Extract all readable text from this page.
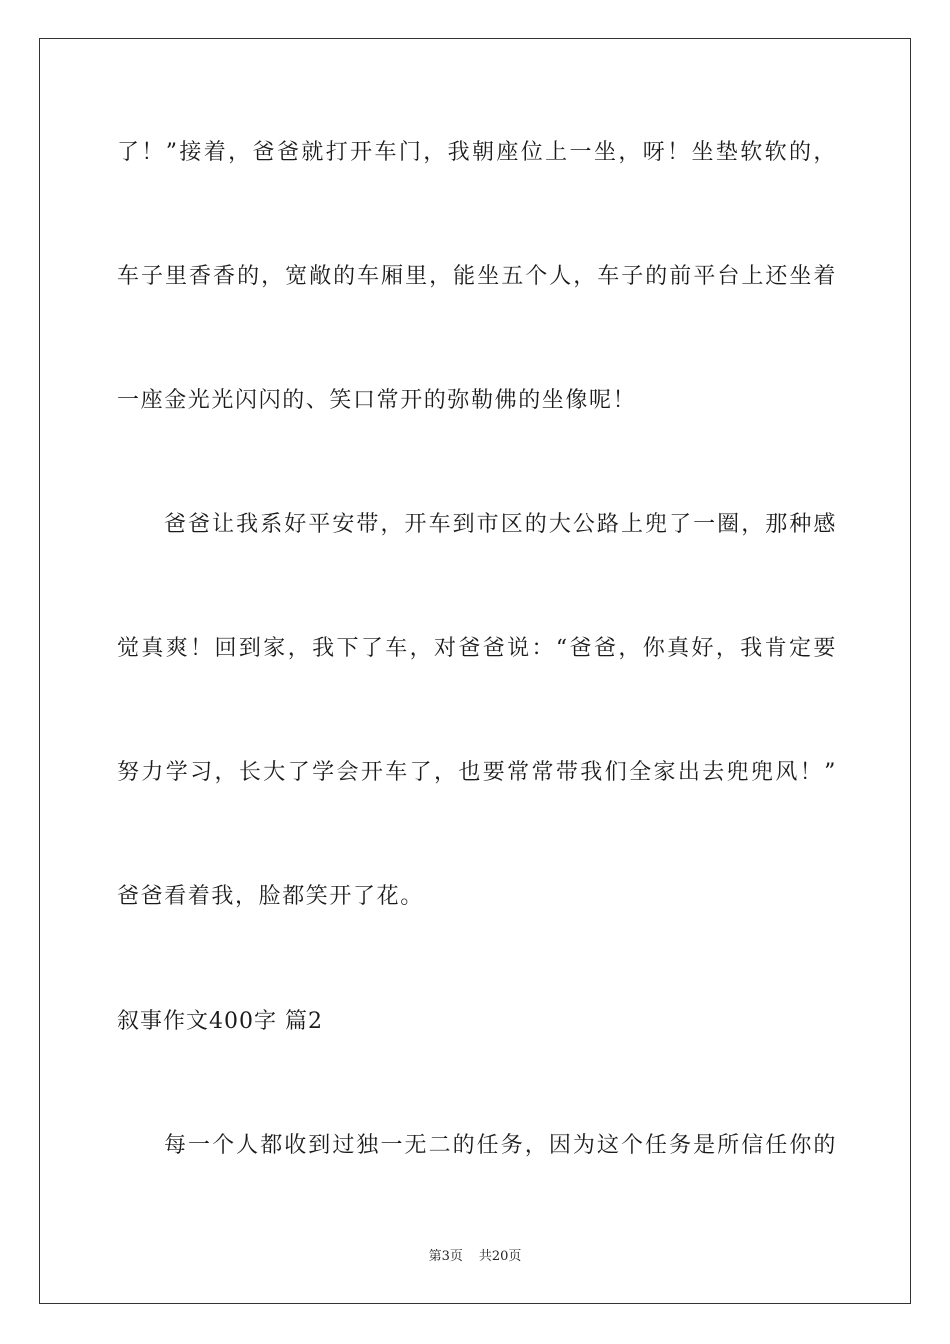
了！”接着，爸爸就打开车门，我朝座位上一坐，呀！坐垫软软的，
车子里香香的，宽敞的车厢里，能坐五个人，车子的前平台上还坐着
一座金光光闪闪的、笑口常开的弥勒佛的坐像呢！
爸爸让我系好平安带，开车到市区的大公路上兜了一圈，那种感
觉真爽！回到家，我下了车，对爸爸说：“爸爸，你真好，我肯定要
努力学习，长大了学会开车了，也要常常带我们全家出去兜兜风！”
爸爸看着我，脸都笑开了花。
叙事作文400字 篇2
每一个人都收到过独一无二的任务，因为这个任务是所信任你的
第3页 共20页
